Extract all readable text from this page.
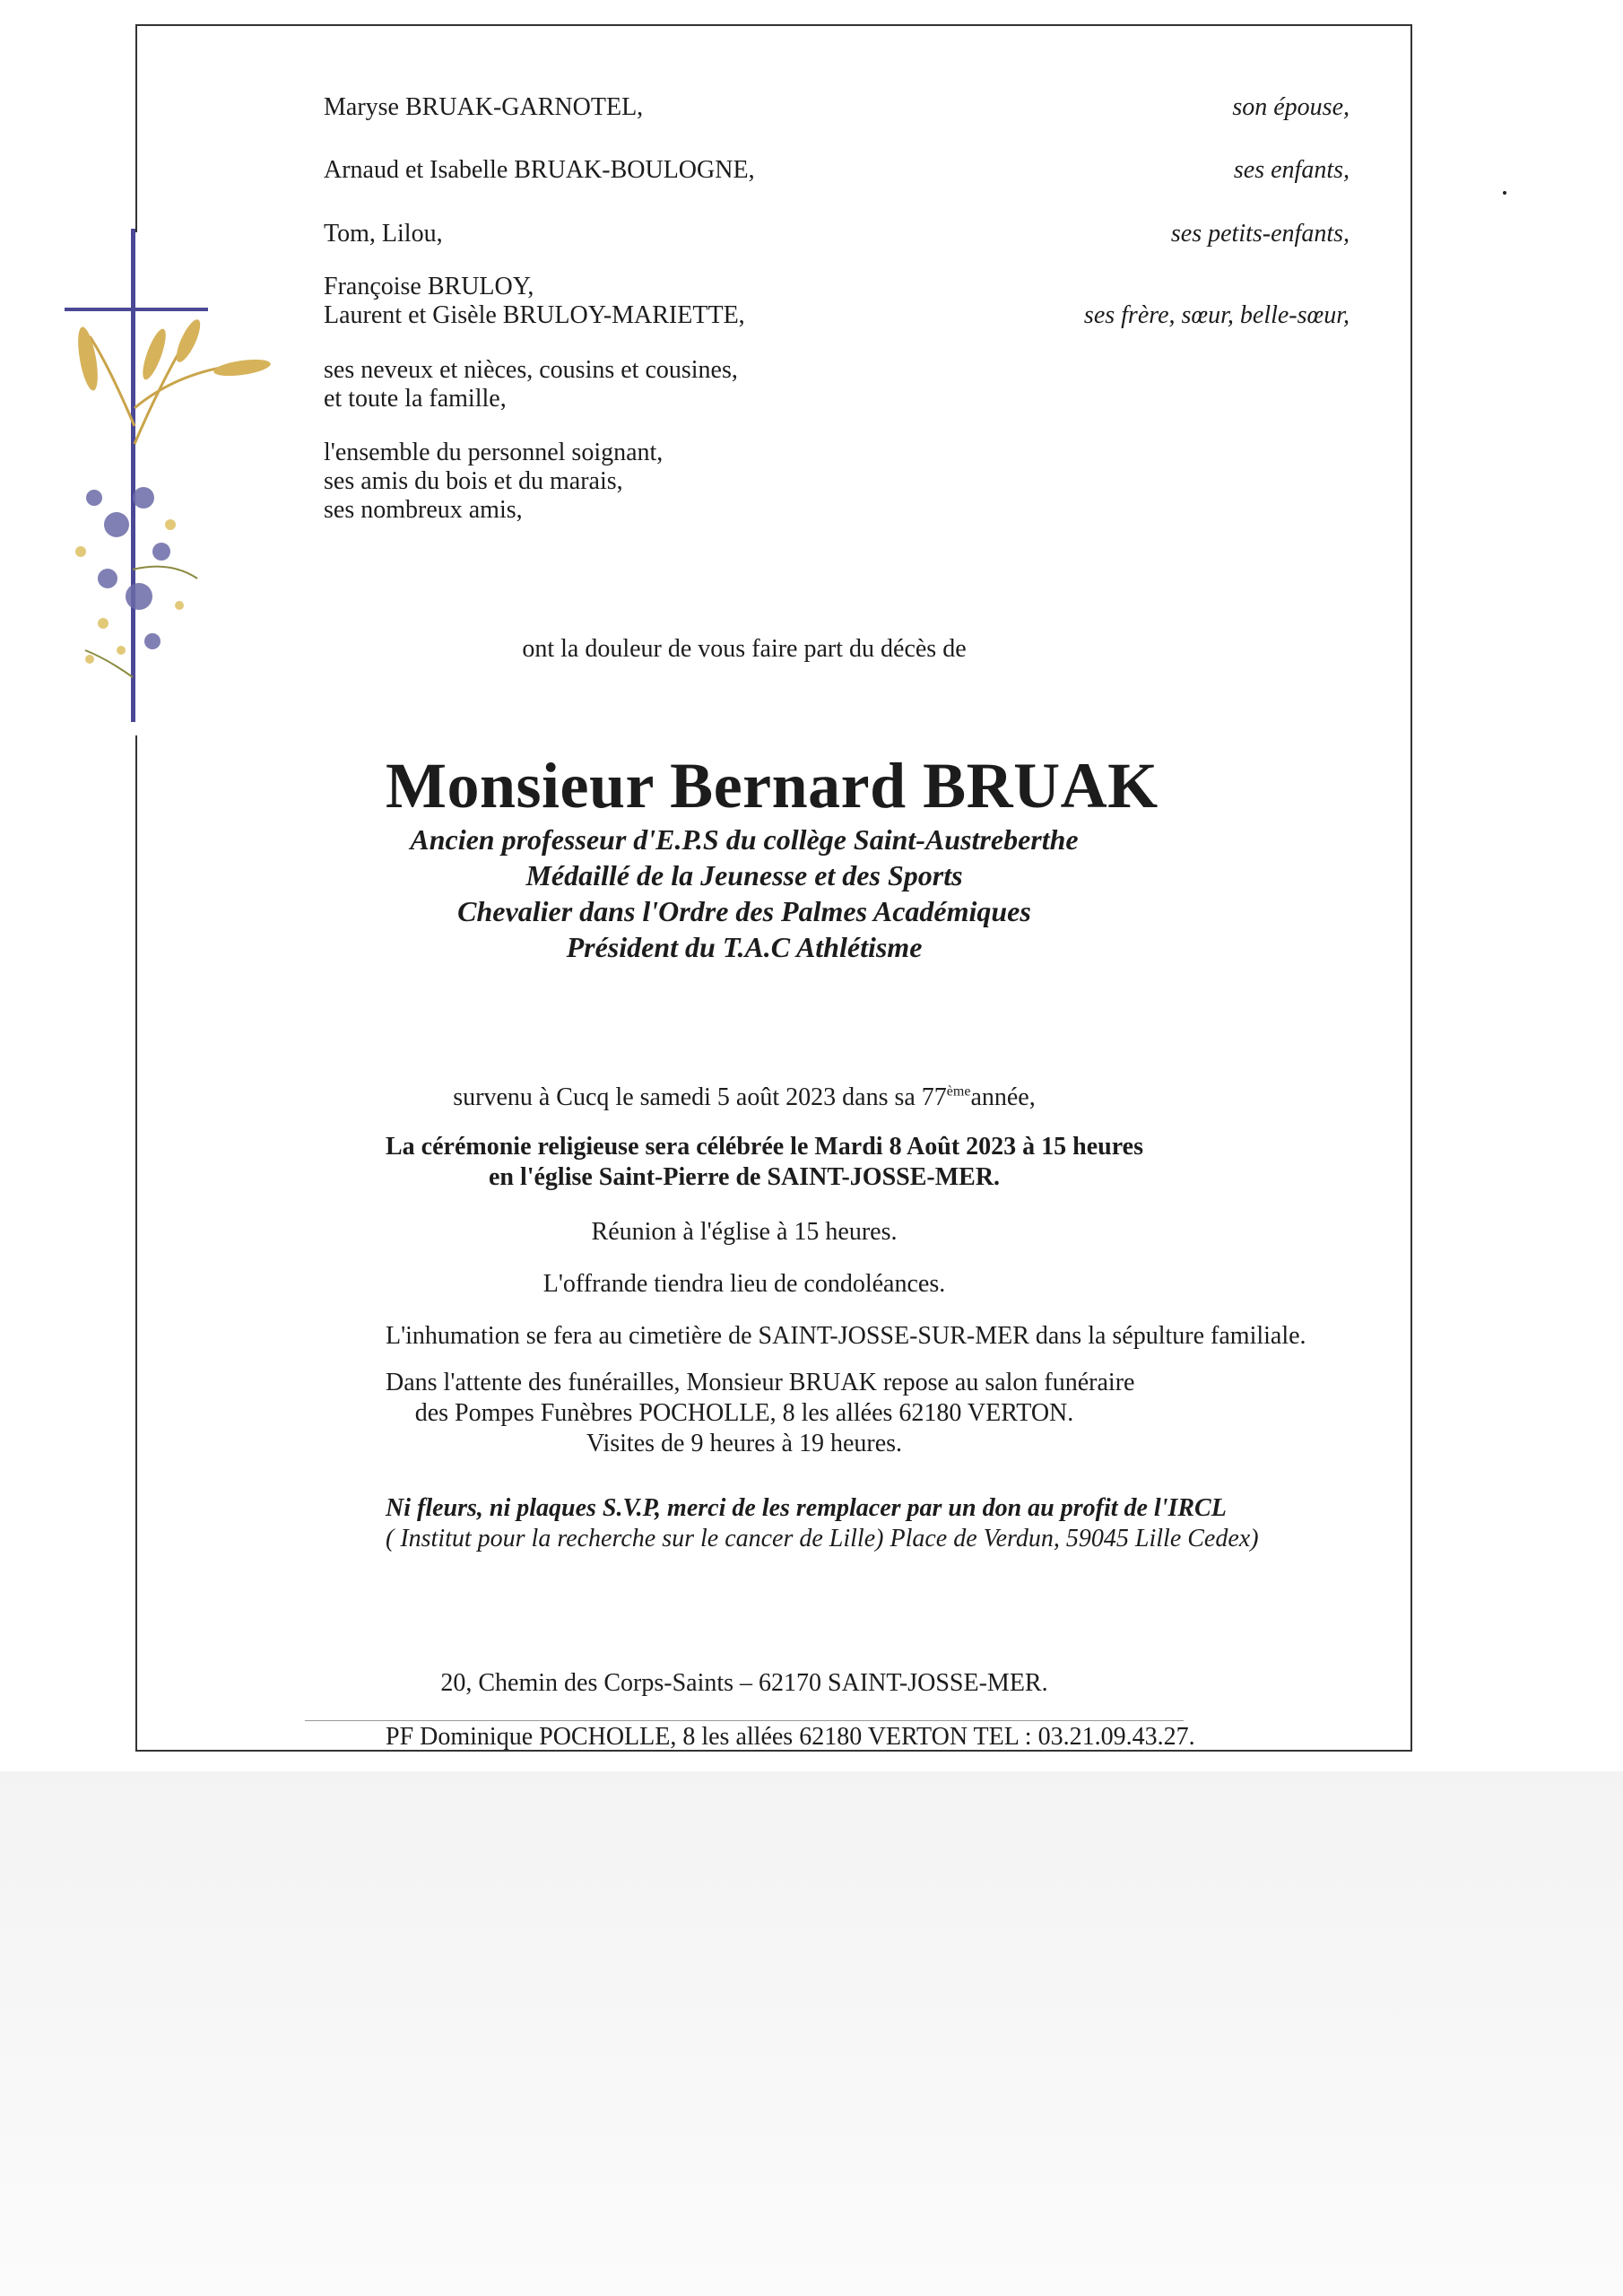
Maryse BRUAK-GARNOTEL,	son épouse,
Arnaud et Isabelle BRUAK-BOULOGNE,	ses enfants,
Tom, Lilou,	ses petits-enfants,
Françoise BRULOY,
Laurent et Gisèle BRULOY-MARIETTE,	ses frère, sœur, belle-sœur,
ses neveux et nièces, cousins et cousines,
et toute la famille,
l'ensemble du personnel soignant,
ses amis du bois et du marais,
ses nombreux amis,
ont la douleur de vous faire part du décès de
Monsieur Bernard BRUAK
Ancien professeur d'E.P.S du collège Saint-Austreberthe
Médaillé de la Jeunesse et des Sports
Chevalier dans l'Ordre des Palmes Académiques
Président du T.A.C Athlétisme
survenu à Cucq le samedi 5 août 2023 dans sa 77èmeannée,
La cérémonie religieuse sera célébrée le Mardi 8 Août 2023 à 15 heures
en l'église Saint-Pierre de SAINT-JOSSE-MER.
Réunion à l'église à 15 heures.
L'offrande tiendra lieu de condoléances.
L'inhumation se fera au cimetière de SAINT-JOSSE-SUR-MER dans la sépulture familiale.
Dans l'attente des funérailles, Monsieur BRUAK repose au salon funéraire
des Pompes Funèbres POCHOLLE, 8 les allées 62180 VERTON.
Visites de 9 heures à 19 heures.
Ni fleurs, ni plaques S.V.P, merci de les remplacer par un don au profit de l'IRCL
( Institut pour la recherche sur le cancer de Lille) Place de Verdun, 59045 Lille Cedex)
20, Chemin des Corps-Saints – 62170 SAINT-JOSSE-MER.
PF Dominique POCHOLLE, 8 les allées 62180 VERTON TEL : 03.21.09.43.27.
